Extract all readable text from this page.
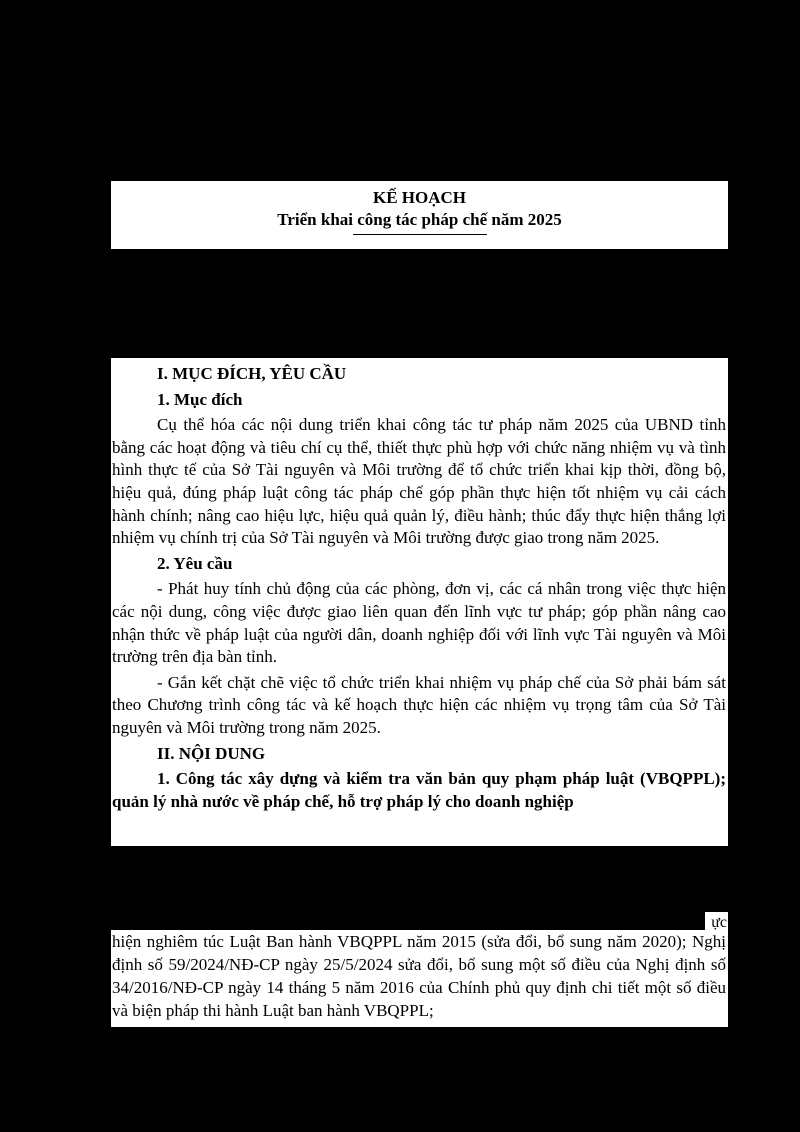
KẾ HOẠCH
Triển khai công tác pháp chế năm 2025

I. MỤC ĐÍCH, YÊU CẦU

1. Mục đích

Cụ thể hóa các nội dung triển khai công tác tư pháp năm 2025 của UBND tỉnh bằng các hoạt động và tiêu chí cụ thể, thiết thực phù hợp với chức năng nhiệm vụ và tình hình thực tế của Sở Tài nguyên và Môi trường để tổ chức triển khai kịp thời, đồng bộ, hiệu quả, đúng pháp luật công tác pháp chế góp phần thực hiện tốt nhiệm vụ cải cách hành chính; nâng cao hiệu lực, hiệu quả quản lý, điều hành; thúc đẩy thực hiện thắng lợi nhiệm vụ chính trị của Sở Tài nguyên và Môi trường được giao trong năm 2025.

2. Yêu cầu

- Phát huy tính chủ động của các phòng, đơn vị, các cá nhân trong việc thực hiện các nội dung, công việc được giao liên quan đến lĩnh vực tư pháp; góp phần nâng cao nhận thức về pháp luật của người dân, doanh nghiệp đối với lĩnh vực Tài nguyên và Môi trường trên địa bàn tỉnh.

- Gắn kết chặt chẽ việc tổ chức triển khai nhiệm vụ pháp chế của Sở phải bám sát theo Chương trình công tác và kế hoạch thực hiện các nhiệm vụ trọng tâm của Sở Tài nguyên và Môi trường trong năm 2025.

II. NỘI DUNG

1. Công tác xây dựng và kiểm tra văn bản quy phạm pháp luật (VBQPPL); quản lý nhà nước về pháp chế, hỗ trợ pháp lý cho doanh nghiệp

ực

hiện nghiêm túc Luật Ban hành VBQPPL năm 2015 (sửa đổi, bổ sung năm 2020); Nghị định số 59/2024/NĐ-CP ngày 25/5/2024 sửa đổi, bổ sung một số điều của Nghị định số 34/2016/NĐ-CP ngày 14 tháng 5 năm 2016 của Chính phủ quy định chi tiết một số điều và biện pháp thi hành Luật ban hành VBQPPL;
